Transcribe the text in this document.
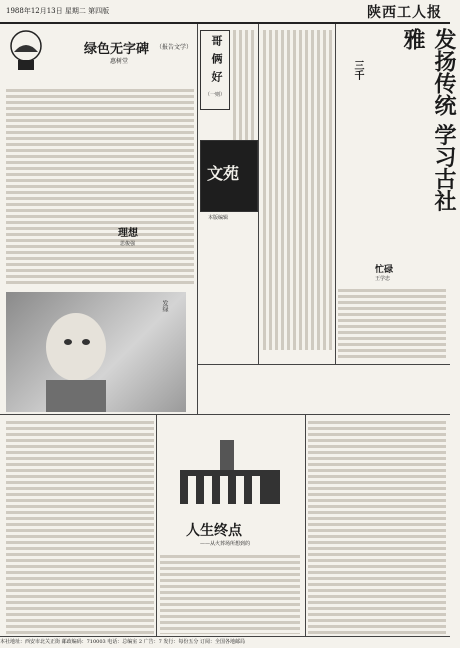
1988年12月13日 星期二 第四版	陕西工人报
绿色无字碑 （报告文学）
惠树堂
哥
俩
好
（一则）	发扬传统 学习古社雅
三千
文苑
本版编辑
理想
思俊强
发绿
忙碌
王学忠
人生终点
——从火葬场所想到的
本社地址：西安市北关正街 邮政编码：710003 电话：总编室 2 广告：7 发行：每份五分 订阅：全国各地邮局
